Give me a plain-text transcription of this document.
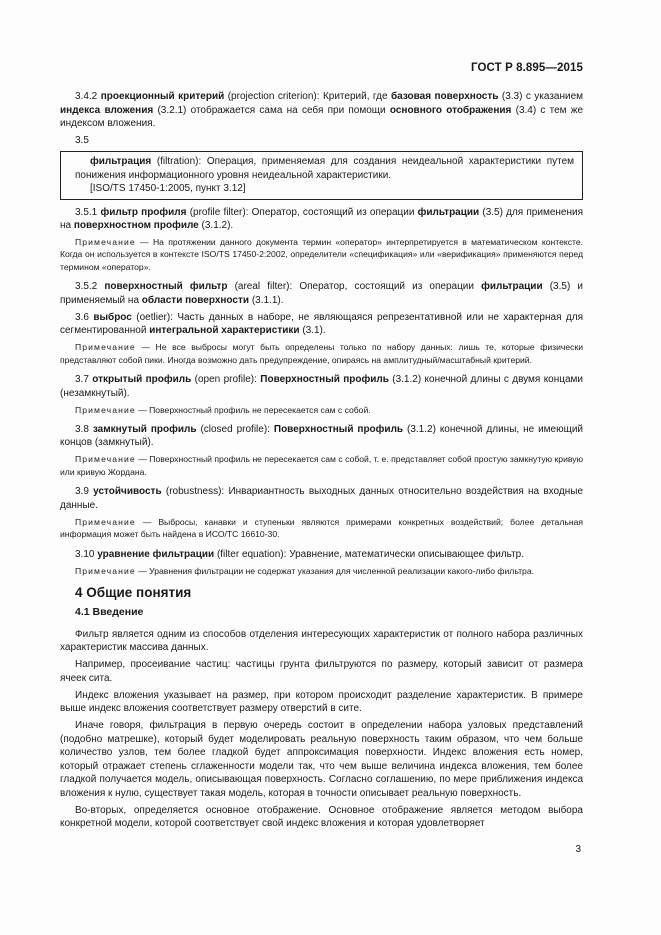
ГОСТ Р 8.895—2015

3.4.2 проекционный критерий (projection criterion): Критерий, где базовая поверхность (3.3) с указанием индекса вложения (3.2.1) отображается сама на себя при помощи основного отображения (3.4) с тем же индексом вложения.

3.5

фильтрация (filtration): Операция, применяемая для создания неидеальной характеристики путем понижения информационного уровня неидеальной характеристики.

[ISO/TS 17450-1:2005, пункт 3.12]

3.5.1 фильтр профиля (profile filter): Оператор, состоящий из операции фильтрации (3.5) для применения на поверхностном профиле (3.1.2).

Примечание — На протяжении данного документа термин «оператор» интерпретируется в математическом контексте. Когда он используется в контексте ISO/TS 17450-2:2002, определители «спецификация» или «верификация» применяются перед термином «оператор».

3.5.2 поверхностный фильтр (areal filter): Оператор, состоящий из операции фильтрации (3.5) и применяемый на области поверхности (3.1.1).

3.6 выброс (oetlier): Часть данных в наборе, не являющаяся репрезентативной или не характерная для сегментированной интегральной характеристики (3.1).

Примечание — Не все выбросы могут быть определены только по набору данных: лишь те, которые физически представляют собой пики. Иногда возможно дать предупреждение, опираясь на амплитудный/масштабный критерий.

3.7 открытый профиль (open profile): Поверхностный профиль (3.1.2) конечной длины с двумя концами (незамкнутый).

Примечание — Поверхностный профиль не пересекается сам с собой.

3.8 замкнутый профиль (closed profile): Поверхностный профиль (3.1.2) конечной длины, не имеющий концов (замкнутый).

Примечание — Поверхностный профиль не пересекается сам с собой, т. е. представляет собой простую замкнутую кривую или кривую Жордана.

3.9 устойчивость (robustness): Инвариантность выходных данных относительно воздействия на входные данные.

Примечание — Выбросы, канавки и ступеньки являются примерами конкретных воздействий; более детальная информация может быть найдена в ИСО/ТС 16610-30.

3.10 уравнение фильтрации (filter equation): Уравнение, математически описывающее фильтр.

Примечание — Уравнения фильтрации не содержат указания для численной реализации какого-либо фильтра.

4 Общие понятия
4.1 Введение

Фильтр является одним из способов отделения интересующих характеристик от полного набора различных характеристик массива данных.

Например, просеивание частиц: частицы грунта фильтруются по размеру, который зависит от размера ячеек сита.

Индекс вложения указывает на размер, при котором происходит разделение характеристик. В примере выше индекс вложения соответствует размеру отверстий в сите.

Иначе говоря, фильтрация в первую очередь состоит в определении набора узловых представлений (подобно матрешке), который будет моделировать реальную поверхность таким образом, что чем больше количество узлов, тем более гладкой будет аппроксимация поверхности. Индекс вложения есть номер, который отражает степень сглаженности модели так, что чем выше величина индекса вложения, тем более гладкой получается модель, описывающая поверхность. Согласно соглашению, по мере приближения индекса вложения к нулю, существует такая модель, которая в точности описывает реальную поверхность.

Во-вторых, определяется основное отображение. Основное отображение является методом выбора конкретной модели, которой соответствует свой индекс вложения и которая удовлетворяет

3
